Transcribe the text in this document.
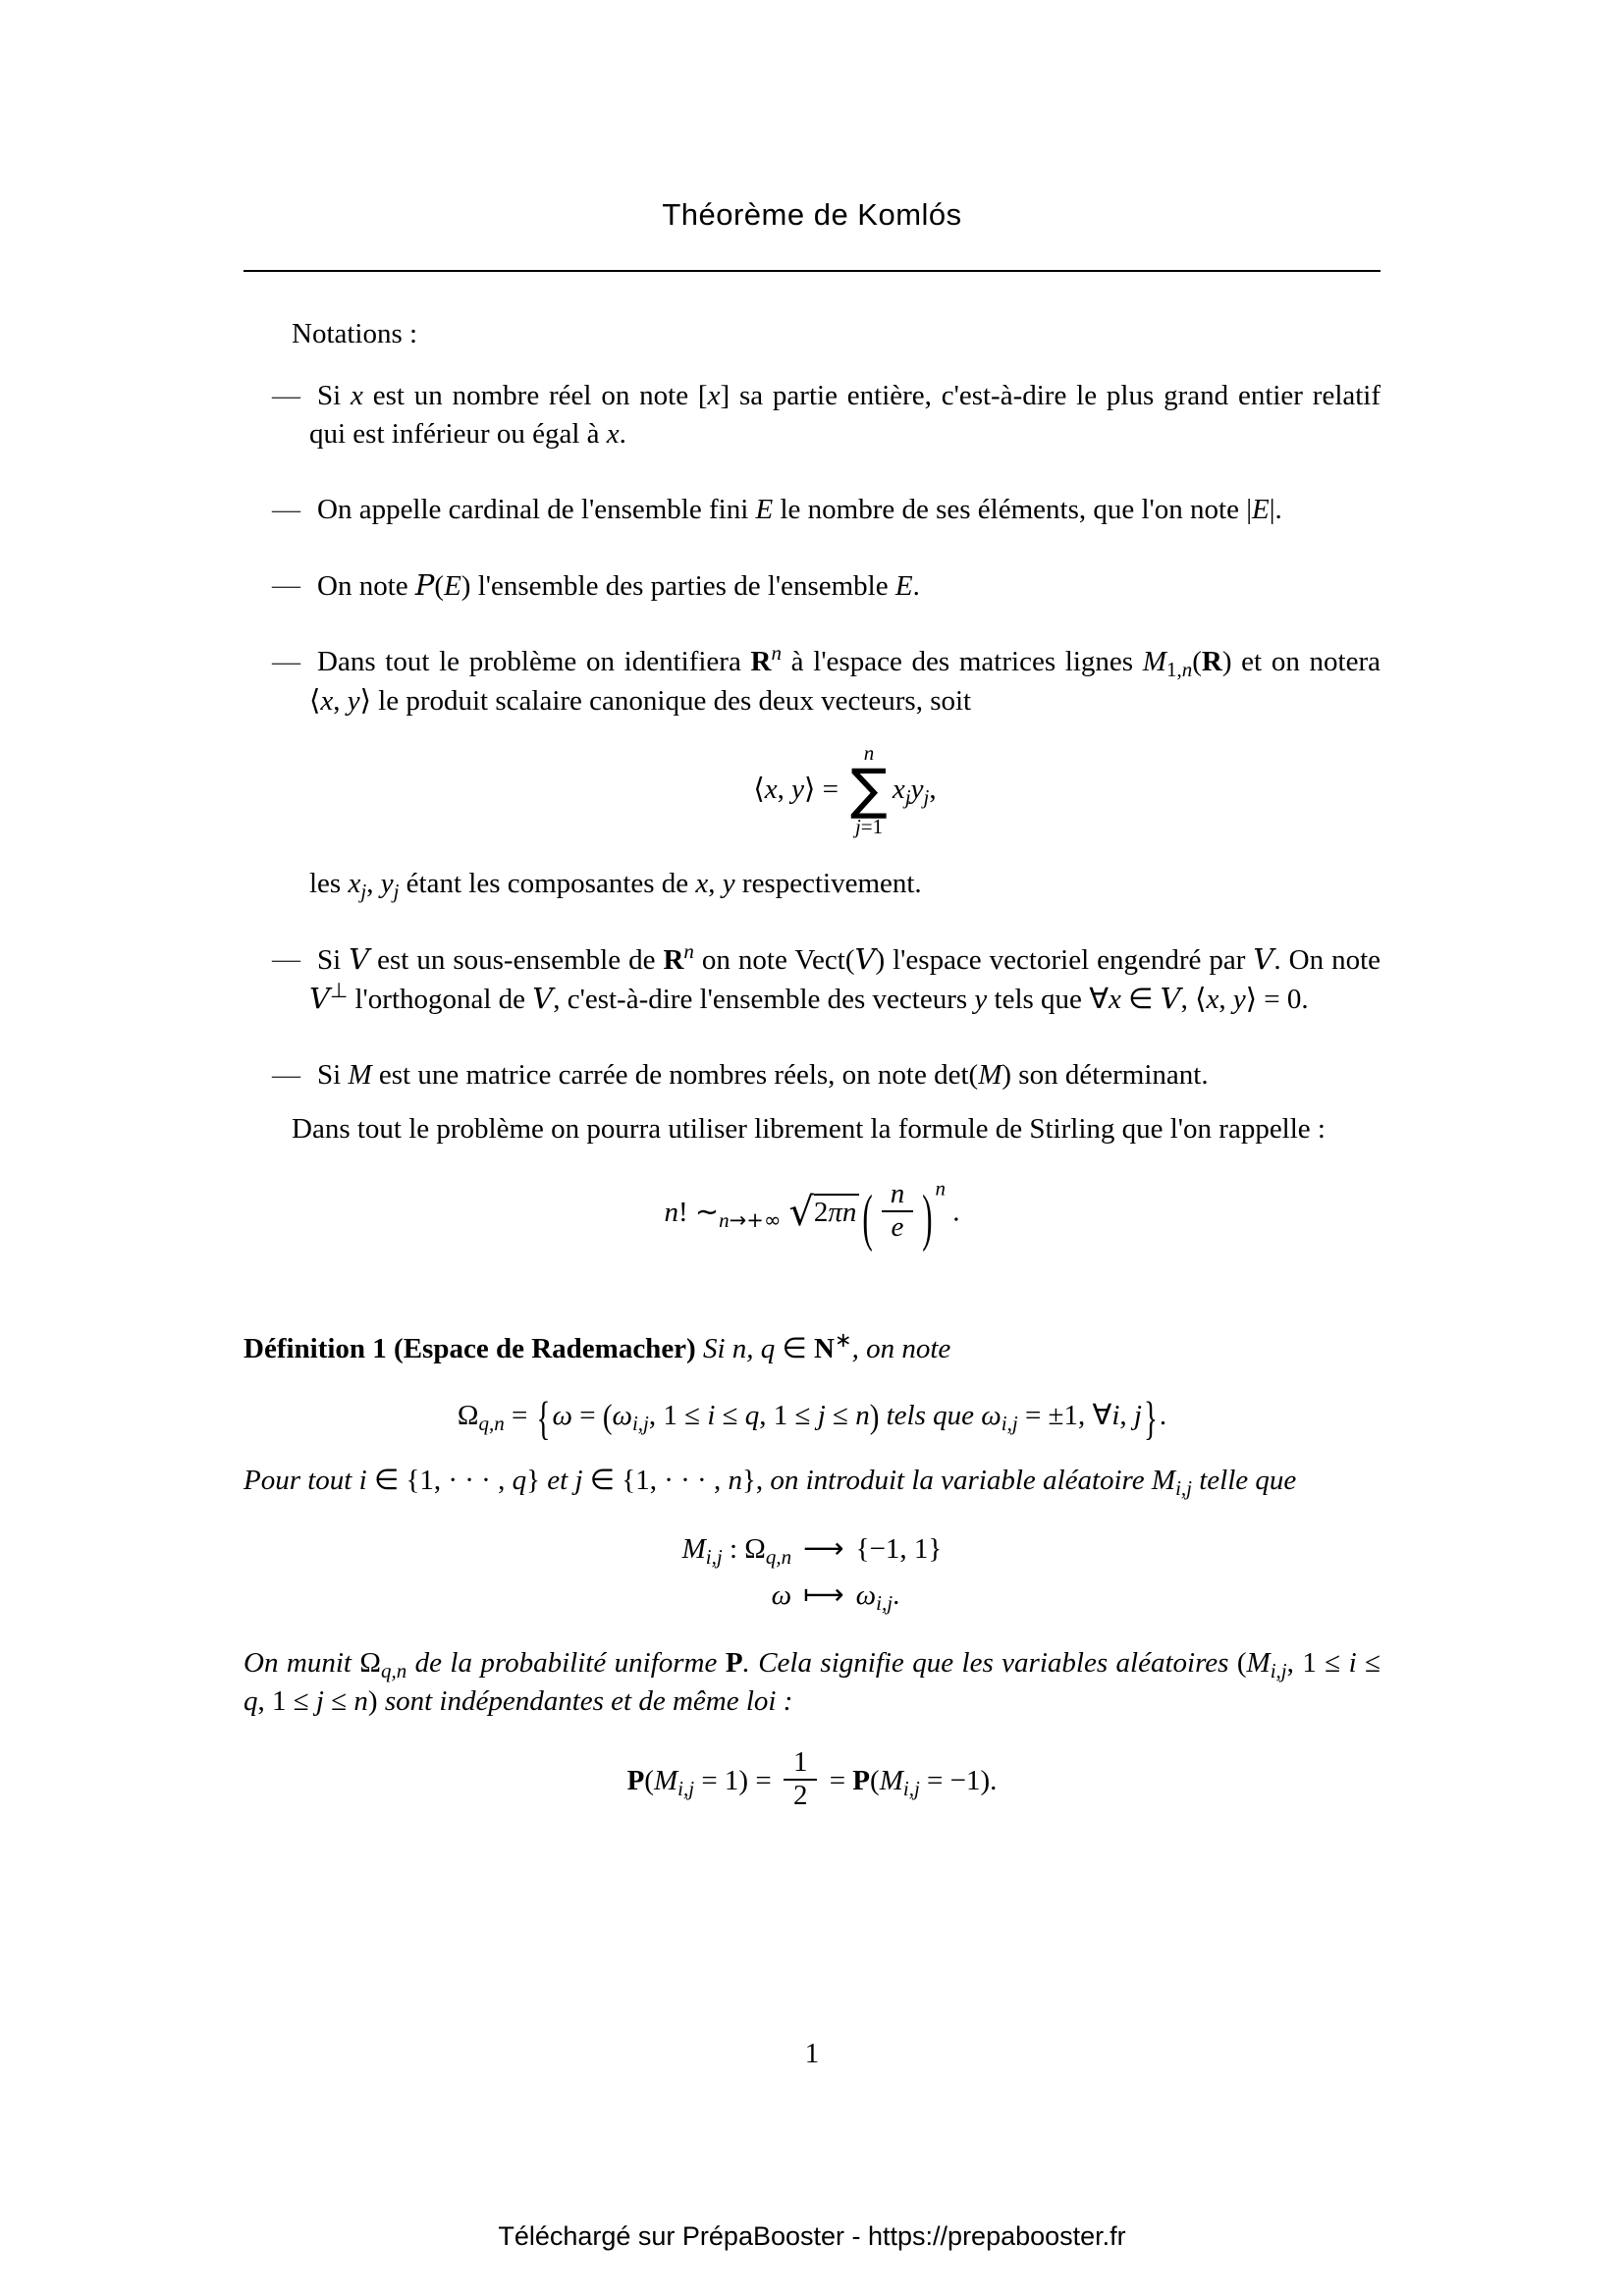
Théorème de Komlós

Notations :

— Si x est un nombre réel on note [x] sa partie entière, c'est-à-dire le plus grand entier relatif qui est inférieur ou égal à x.
— On appelle cardinal de l'ensemble fini E le nombre de ses éléments, que l'on note |E|.
— On note P(E) l'ensemble des parties de l'ensemble E.
— Dans tout le problème on identifiera $R^n$ à l'espace des matrices lignes $M_{1,n}(R)$ et on notera ⟨x, y⟩ le produit scalaire canonique des deux vecteurs, soit
⟨x, y⟩ =
n
∑
j=1
$x_jy_j$,
les $x_j$, $y_j$ étant les composantes de x, y respectivement.
— Si V est un sous-ensemble de $R^n$ on note Vect(V) l'espace vectoriel engendré par V. On note V⊥ l'orthogonal de V, c'est-à-dire l'ensemble des vecteurs y tels que ∀x ∈ V, ⟨x, y⟩ = 0.
— Si M est une matrice carrée de nombres réels, on note det(M) son déterminant.

Dans tout le problème on pourra utiliser librement la formule de Stirling que l'on rappelle :

n! $\sim_{n\to+\infty}$ √2πn ( $\frac{n}{e}$ ) $^n$ .

Définition 1 (Espace de Rademacher) Si n, q ∈ N∗, on note

$\Omega_{q,n} = \{\omega = (\omega_{i,j}$, 1 ≤ i ≤ q, 1 ≤ j ≤ n) tels que $\omega_{i,j} = \pm 1$, ∀i, j}.

Pour tout i ∈ {1, · · · , q} et j ∈ {1, · · · , n}, on introduit la variable aléatoire $M_{i,j}$ telle que

$M_{i,j}$ : $\Omega_{q,n}$ ⟶ {−1, 1}
ω ⟼ $\omega_{i,j}$.

On munit $\Omega_{q,n}$ de la probabilité uniforme P. Cela signifie que les variables aléatoires ($M_{i,j}$, 1 ≤ i ≤ q, 1 ≤ j ≤ n) sont indépendantes et de même loi :

$P(M_{i,j} = 1) = \frac{1}{2} = P(M_{i,j} = -1)$.
1
Téléchargé sur PrépaBooster - https://prepabooster.fr
